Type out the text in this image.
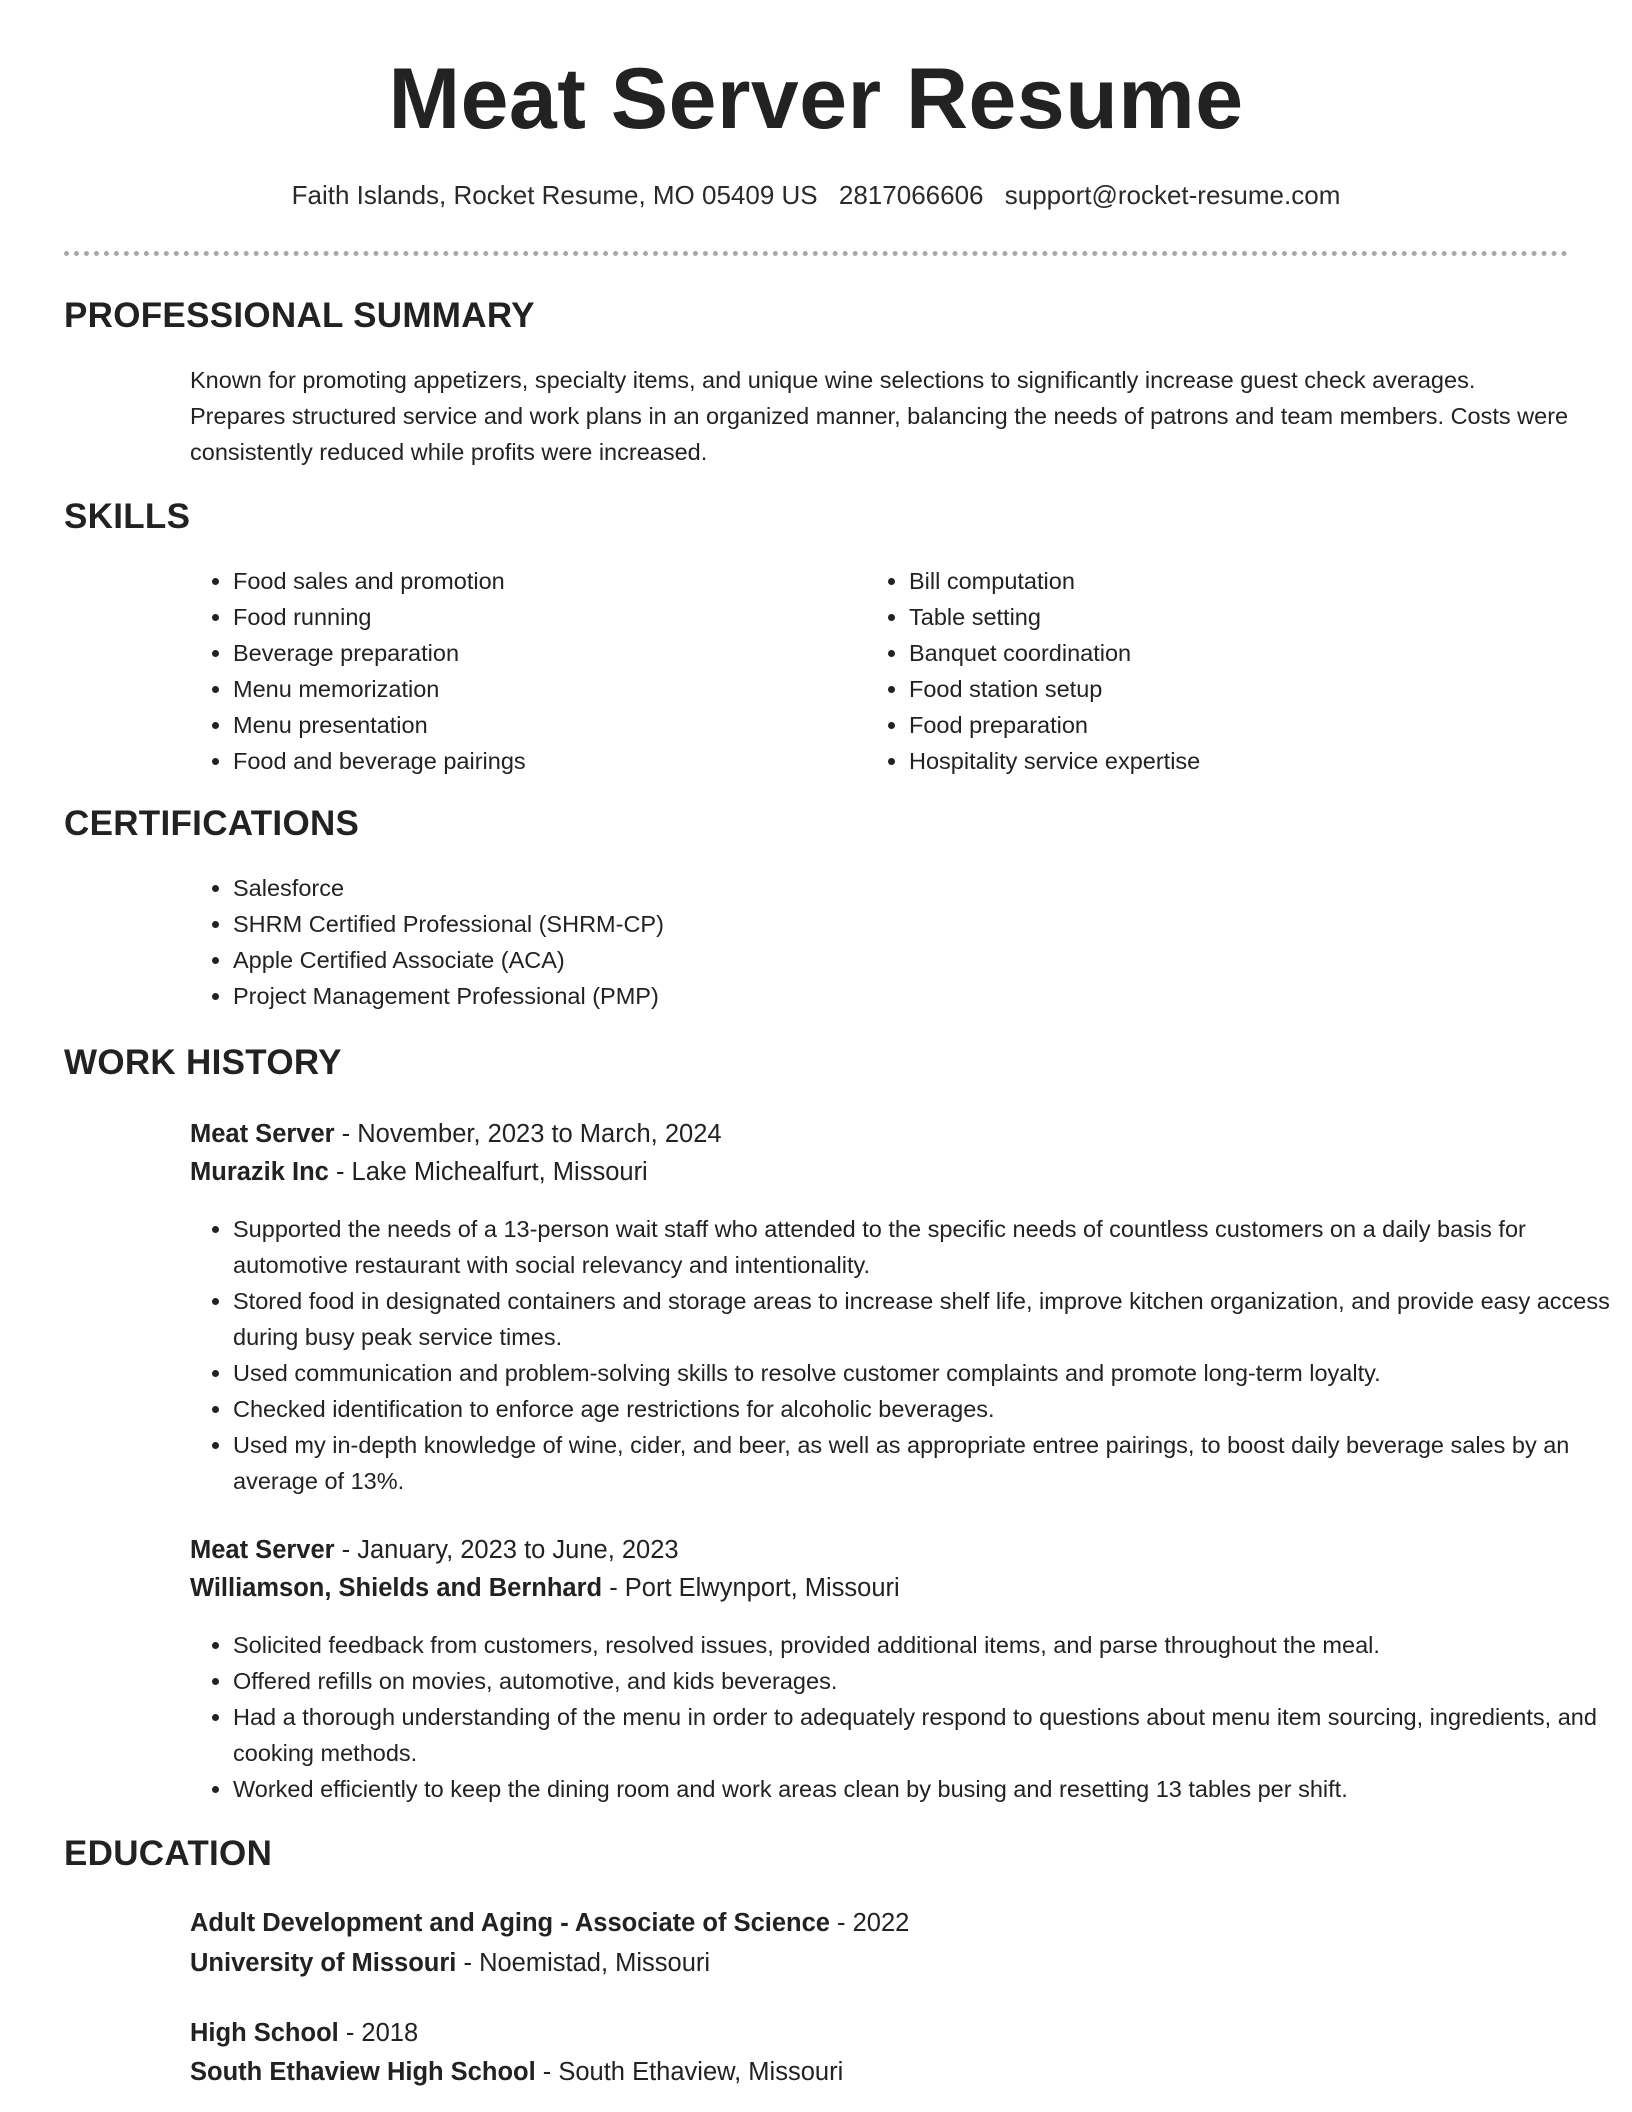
Meat Server Resume
Faith Islands, Rocket Resume, MO 05409 US 2817066606 support@rocket-resume.com
PROFESSIONAL SUMMARY
Known for promoting appetizers, specialty items, and unique wine selections to significantly increase guest check averages. Prepares structured service and work plans in an organized manner, balancing the needs of patrons and team members. Costs were consistently reduced while profits were increased.
SKILLS
• Food sales and promotion
• Food running
• Beverage preparation
• Menu memorization
• Menu presentation
• Food and beverage pairings
• Bill computation
• Table setting
• Banquet coordination
• Food station setup
• Food preparation
• Hospitality service expertise
CERTIFICATIONS
• Salesforce
• SHRM Certified Professional (SHRM-CP)
• Apple Certified Associate (ACA)
• Project Management Professional (PMP)
WORK HISTORY
Meat Server - November, 2023 to March, 2024
Murazik Inc - Lake Michealfurt, Missouri
• Supported the needs of a 13-person wait staff who attended to the specific needs of countless customers on a daily basis for automotive restaurant with social relevancy and intentionality.
• Stored food in designated containers and storage areas to increase shelf life, improve kitchen organization, and provide easy access during busy peak service times.
• Used communication and problem-solving skills to resolve customer complaints and promote long-term loyalty.
• Checked identification to enforce age restrictions for alcoholic beverages.
• Used my in-depth knowledge of wine, cider, and beer, as well as appropriate entree pairings, to boost daily beverage sales by an average of 13%.
Meat Server - January, 2023 to June, 2023
Williamson, Shields and Bernhard - Port Elwynport, Missouri
• Solicited feedback from customers, resolved issues, provided additional items, and parse throughout the meal.
• Offered refills on movies, automotive, and kids beverages.
• Had a thorough understanding of the menu in order to adequately respond to questions about menu item sourcing, ingredients, and cooking methods.
• Worked efficiently to keep the dining room and work areas clean by busing and resetting 13 tables per shift.
EDUCATION
Adult Development and Aging - Associate of Science - 2022
University of Missouri - Noemistad, Missouri
High School - 2018
South Ethaview High School - South Ethaview, Missouri
